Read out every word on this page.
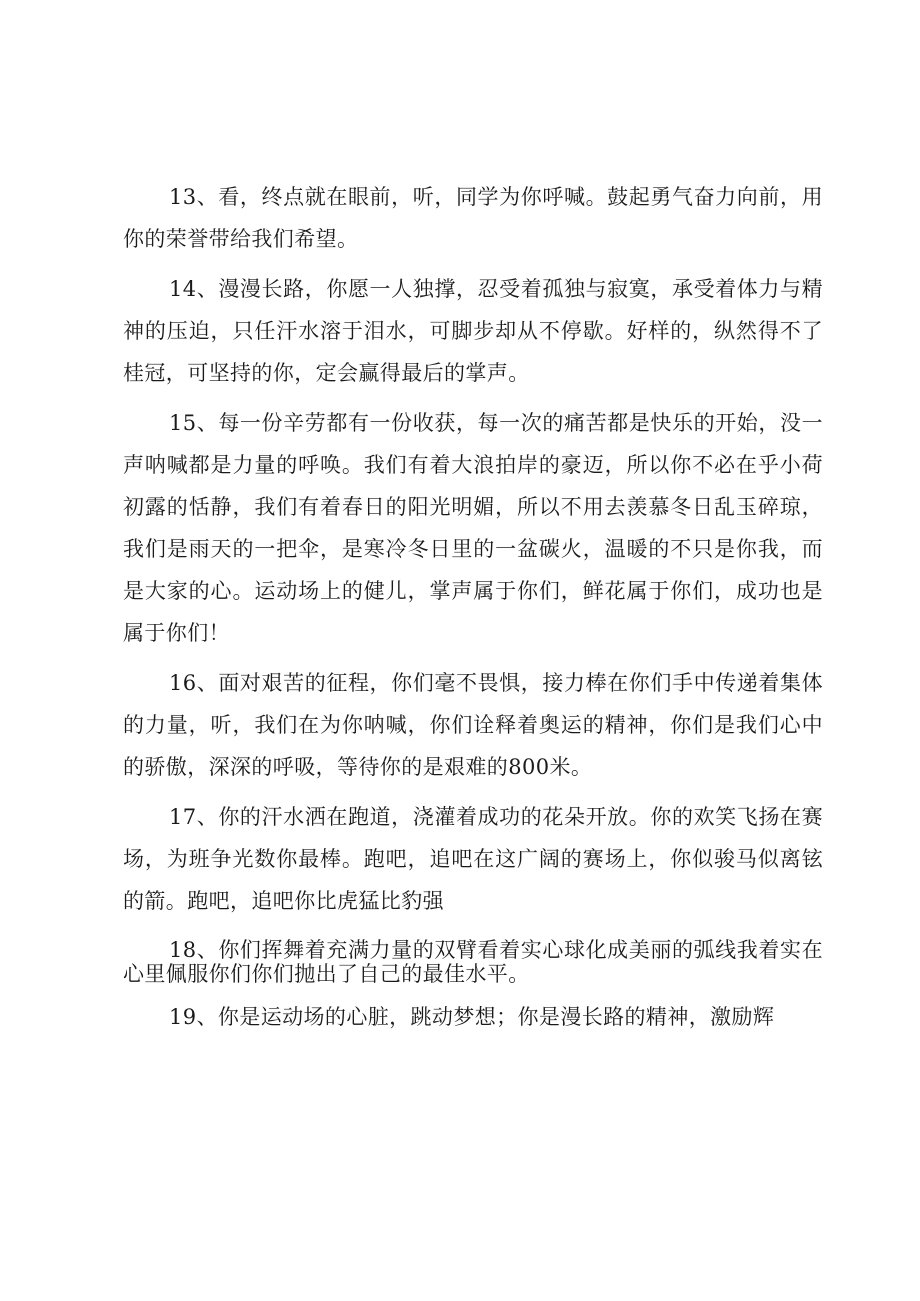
13、看，终点就在眼前，听，同学为你呼喊。鼓起勇气奋力向前，用你的荣誉带给我们希望。

14、漫漫长路，你愿一人独撑，忍受着孤独与寂寞，承受着体力与精神的压迫，只任汗水溶于泪水，可脚步却从不停歇。好样的，纵然得不了桂冠，可坚持的你，定会赢得最后的掌声。

15、每一份辛劳都有一份收获，每一次的痛苦都是快乐的开始，没一声呐喊都是力量的呼唤。我们有着大浪拍岸的豪迈，所以你不必在乎小荷初露的恬静，我们有着春日的阳光明媚，所以不用去羡慕冬日乱玉碎琼，我们是雨天的一把伞，是寒冷冬日里的一盆碳火，温暖的不只是你我，而是大家的心。运动场上的健儿，掌声属于你们，鲜花属于你们，成功也是属于你们！

16、面对艰苦的征程，你们毫不畏惧，接力棒在你们手中传递着集体的力量，听，我们在为你呐喊，你们诠释着奥运的精神，你们是我们心中的骄傲，深深的呼吸，等待你的是艰难的800米。

17、你的汗水洒在跑道，浇灌着成功的花朵开放。你的欢笑飞扬在赛场，为班争光数你最棒。跑吧，追吧在这广阔的赛场上，你似骏马似离铉的箭。跑吧，追吧你比虎猛比豹强

18、你们挥舞着充满力量的双臂看着实心球化成美丽的弧线我着实在心里佩服你们你们抛出了自己的最佳水平。

19、你是运动场的心脏，跳动梦想；你是漫长路的精神，激励辉
